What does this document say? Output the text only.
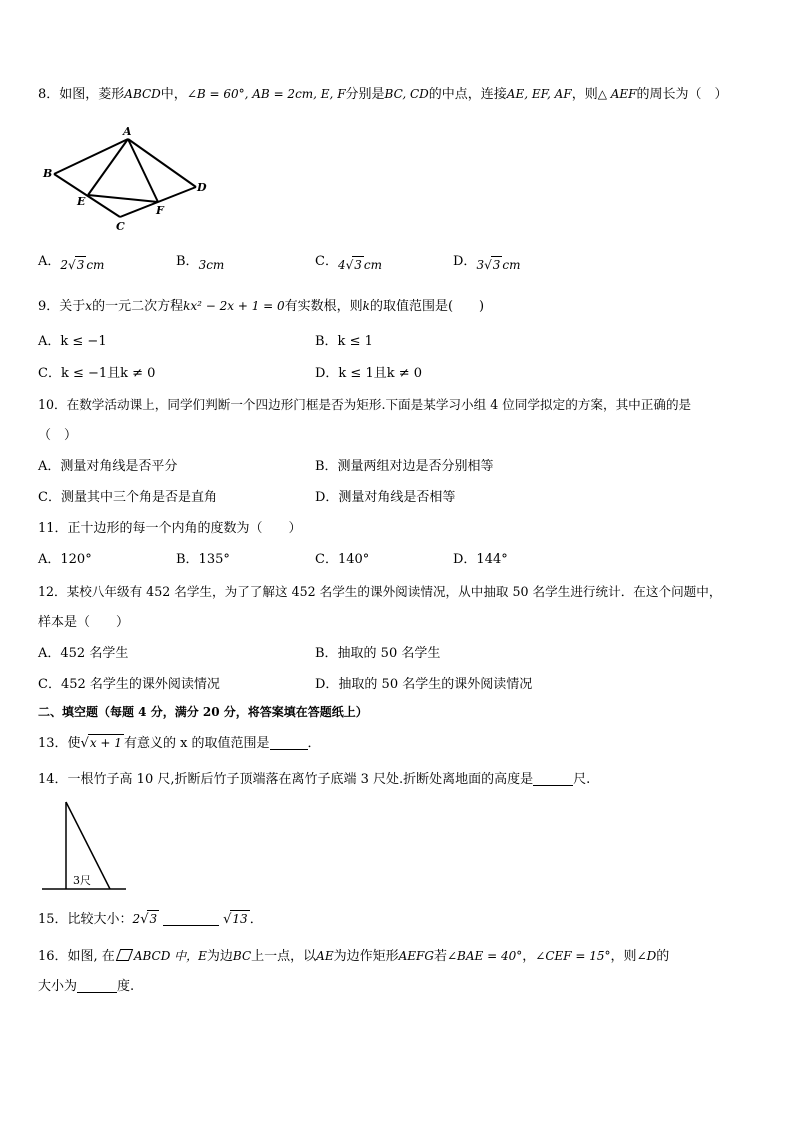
8．如图，菱形ABCD中，∠B = 60°, AB = 2cm, E, F分别是BC, CD的中点，连接AE, EF, AF，则△ AEF的周长为（　）
A
B
D
E
F
C
A．2√3 cm	B．3cm	C．4√3 cm	D．3√3 cm
9．关于x的一元二次方程kx² − 2x + 1 = 0有实数根，则k的取值范围是(　　)
A．k ≤ −1	B．k ≤ 1
C．k ≤ −1且k ≠ 0	D．k ≤ 1且k ≠ 0
10．在数学活动课上，同学们判断一个四边形门框是否为矩形.下面是某学习小组 4 位同学拟定的方案，其中正确的是
（　）
A．测量对角线是否平分	B．测量两组对边是否分别相等
C．测量其中三个角是否是直角	D．测量对角线是否相等
11．正十边形的每一个内角的度数为（　　）
A．120°	B．135°	C．140°	D．144°
12．某校八年级有 452 名学生，为了了解这 452 名学生的课外阅读情况，从中抽取 50 名学生进行统计．在这个问题中，
样本是（　　）
A．452 名学生	B．抽取的 50 名学生
C．452 名学生的课外阅读情况	D．抽取的 50 名学生的课外阅读情况
二、填空题（每题 4 分，满分 20 分，将答案填在答题纸上）
13．使√x + 1 有意义的 x 的取值范围是	．
14．一根竹子高 10 尺,折断后竹子顶端落在离竹子底端 3 尺处.折断处离地面的高度是	尺.
3尺
15．比较大小：2√3	√13 ．
16．如图, 在 ABCD 中，E为边BC上一点，以AE为边作矩形AEFG若∠BAE = 40°，∠CEF = 15°，则∠D的
大小为	度.
